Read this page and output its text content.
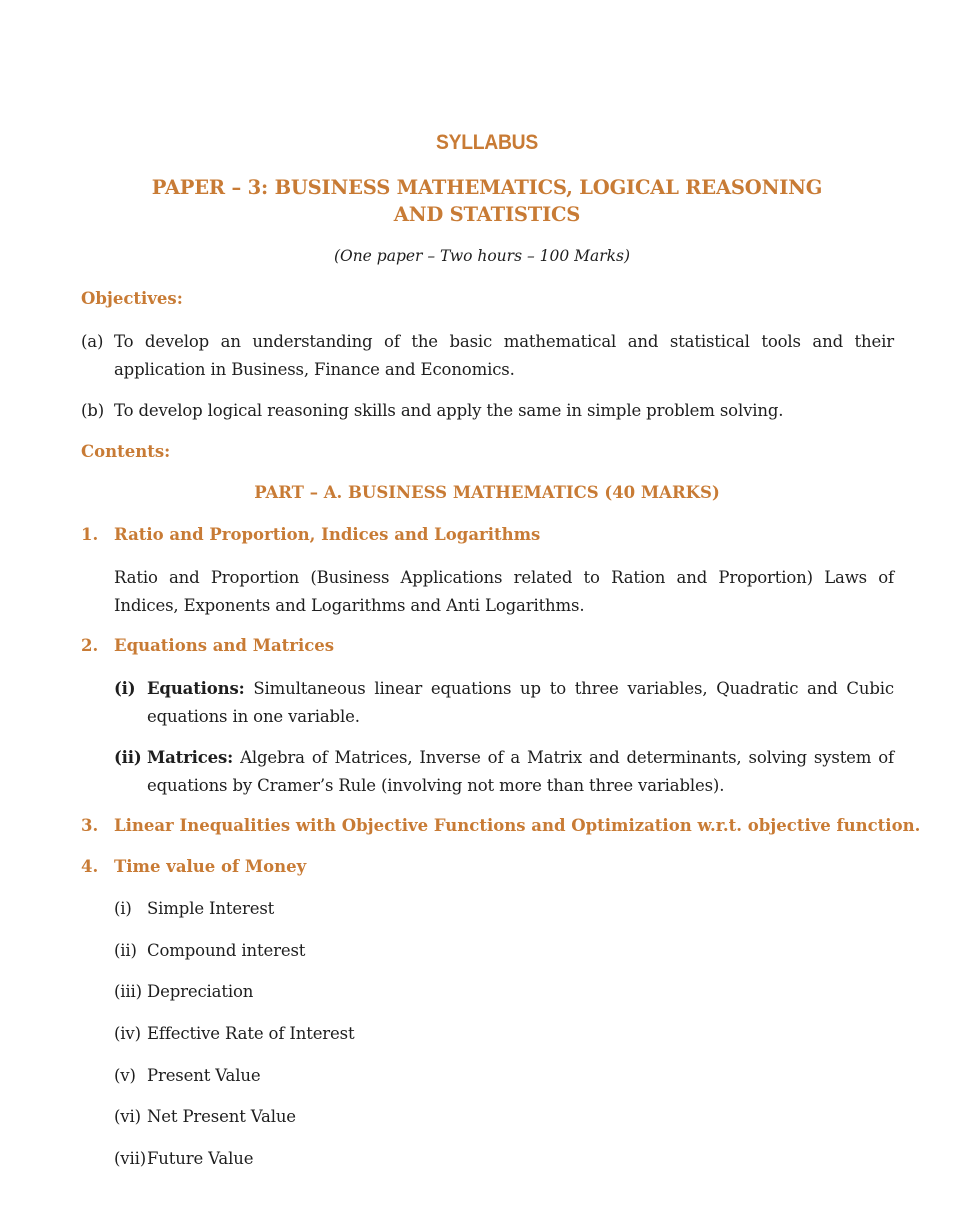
SYLLABUS
PAPER – 3: BUSINESS MATHEMATICS, LOGICAL REASONING
AND STATISTICS
(One paper – Two hours – 100 Marks)
Objectives:
(a) To develop an understanding of the basic mathematical and statistical tools and their application in Business, Finance and Economics.
(b) To develop logical reasoning skills and apply the same in simple problem solving.
Contents:
PART – A. BUSINESS MATHEMATICS (40 MARKS)
1. Ratio and Proportion, Indices and Logarithms
Ratio and Proportion (Business Applications related to Ration and Proportion) Laws of Indices, Exponents and Logarithms and Anti Logarithms.
2. Equations and Matrices
(i) Equations: Simultaneous linear equations up to three variables, Quadratic and Cubic equations in one variable.
(ii) Matrices: Algebra of Matrices, Inverse of a Matrix and determinants, solving system of equations by Cramer’s Rule (involving not more than three variables).
3. Linear Inequalities with Objective Functions and Optimization w.r.t. objective function.
4. Time value of Money
(i) Simple Interest
(ii) Compound interest
(iii) Depreciation
(iv) Effective Rate of Interest
(v) Present Value
(vi) Net Present Value
(vii)Future Value
